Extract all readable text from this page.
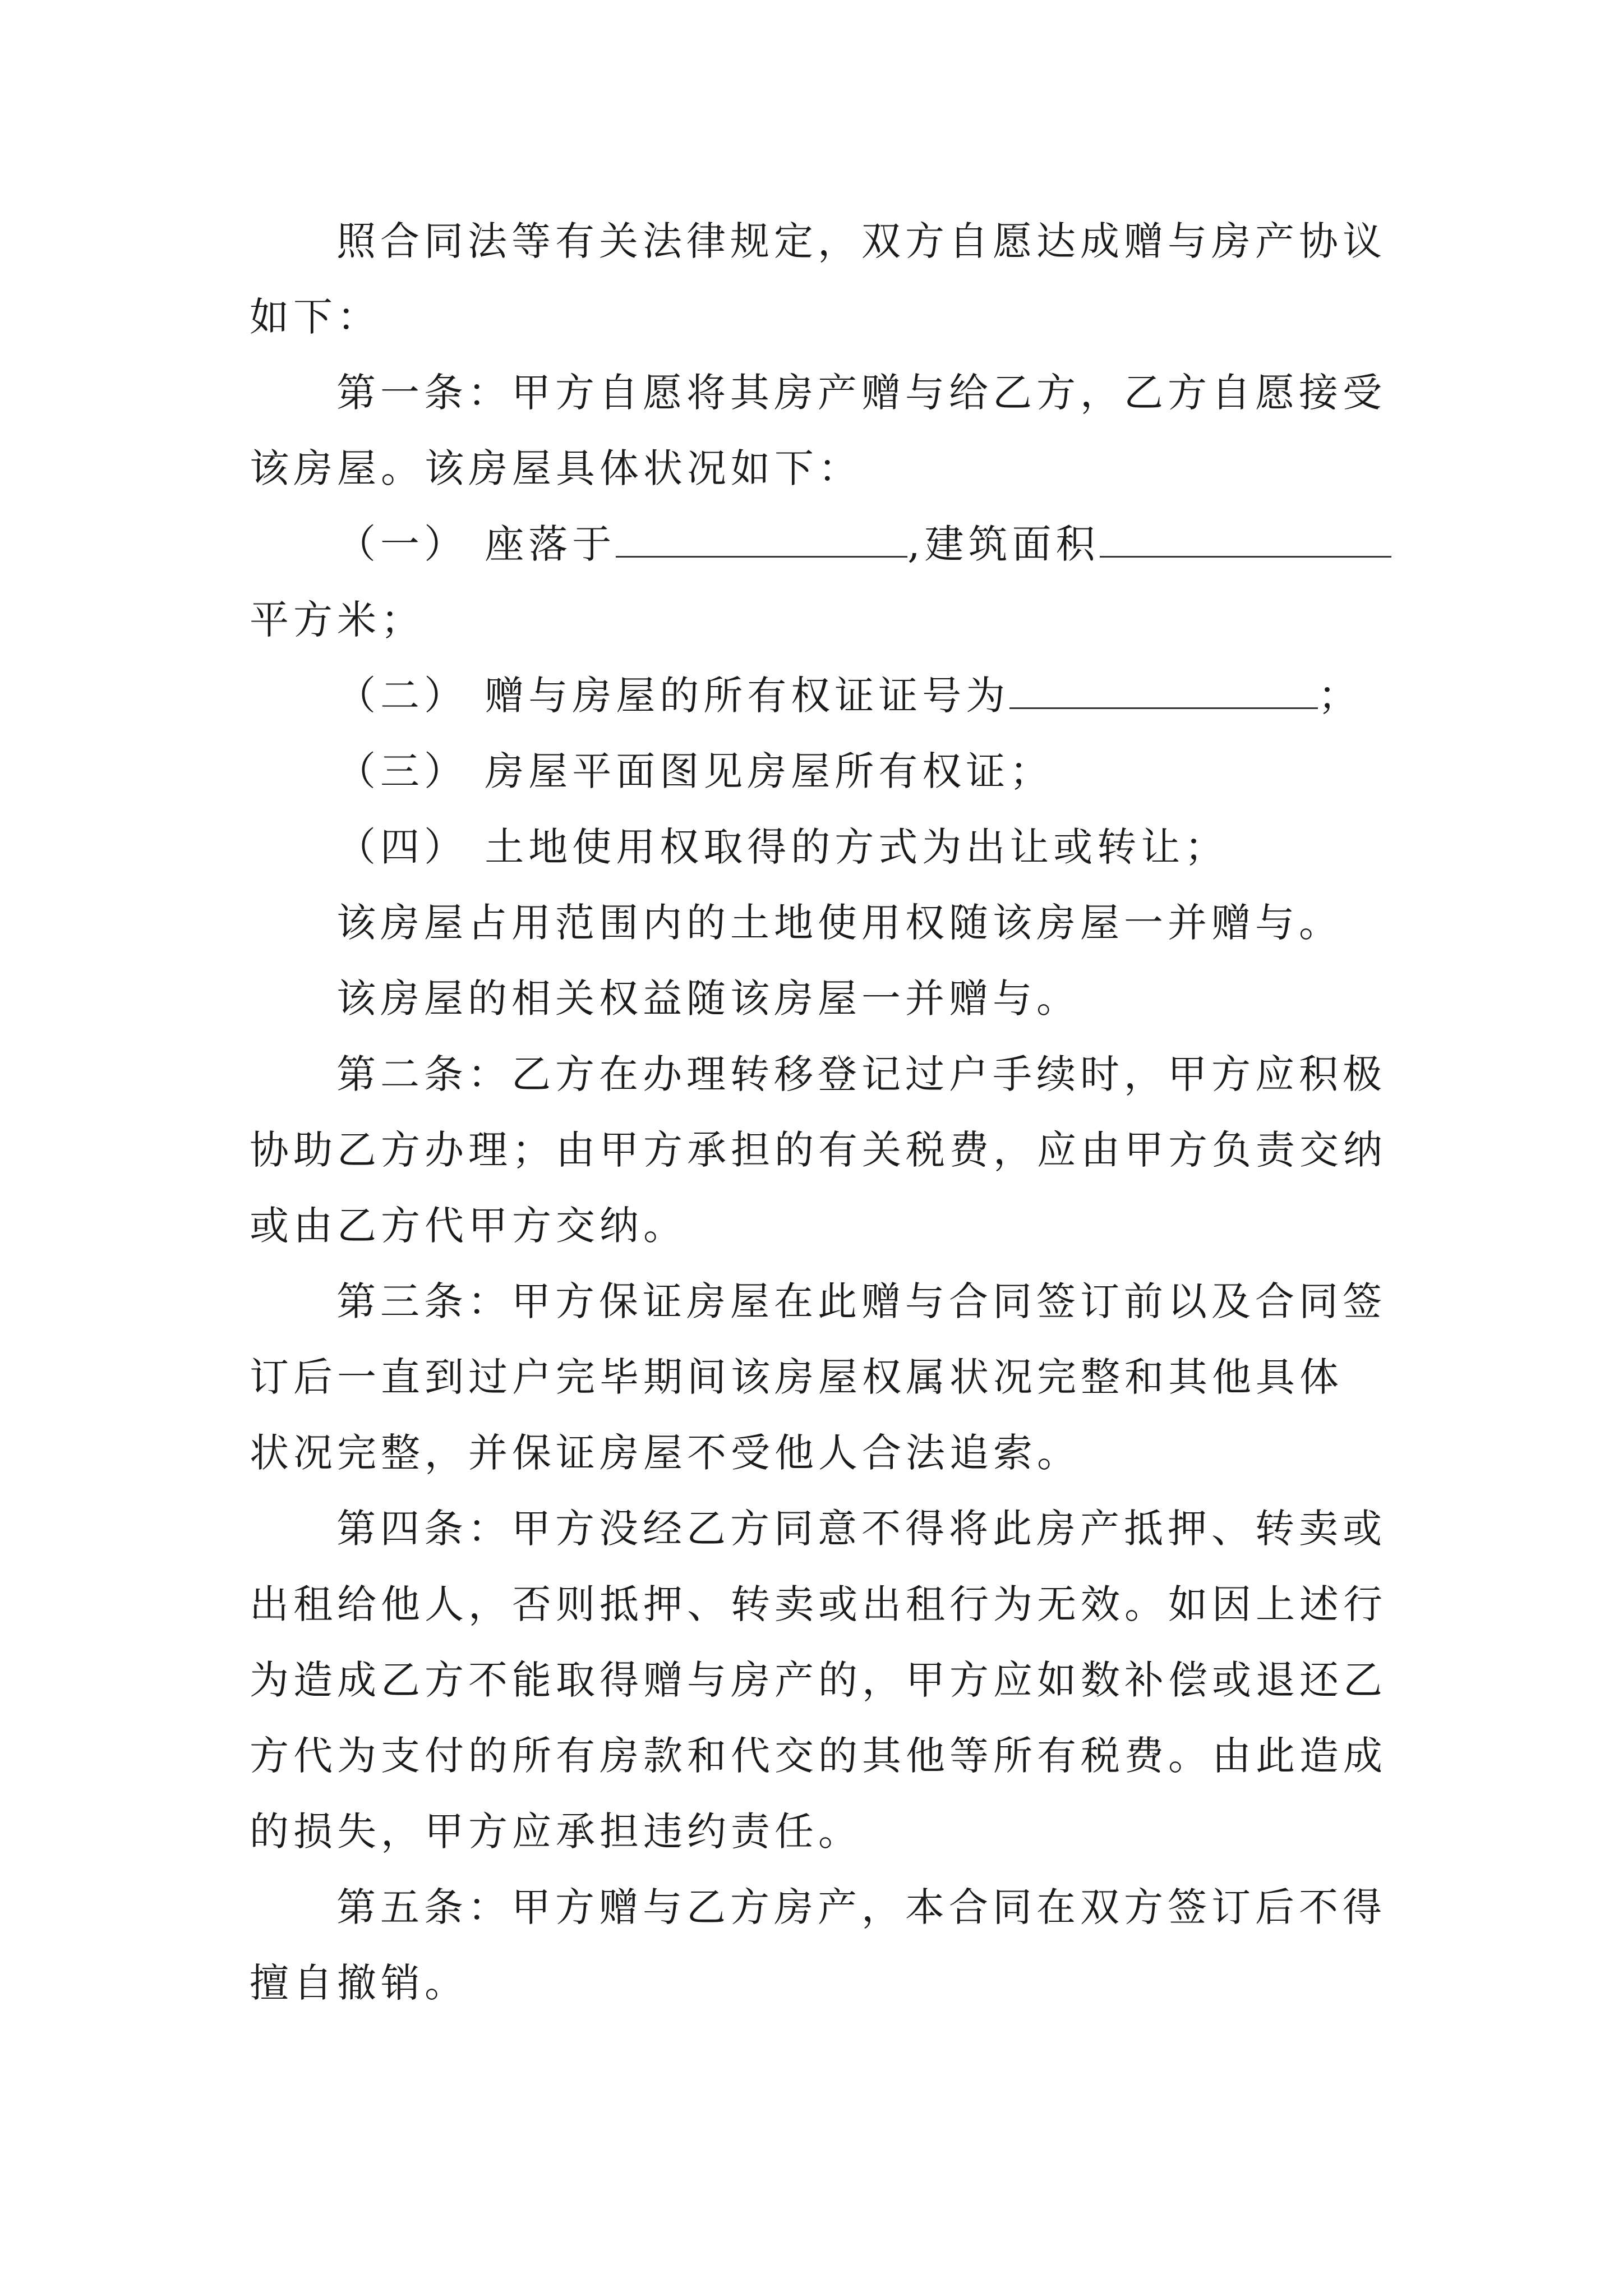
照合同法等有关法律规定，双方自愿达成赠与房产协议
如下：
第一条：甲方自愿将其房产赠与给乙方，乙方自愿接受
该房屋。该房屋具体状况如下：
（一） 座落于	,建筑面积
平方米；
（二） 赠与房屋的所有权证证号为	；
（三） 房屋平面图见房屋所有权证；
（四） 土地使用权取得的方式为出让或转让；
该房屋占用范围内的土地使用权随该房屋一并赠与。
该房屋的相关权益随该房屋一并赠与。
第二条：乙方在办理转移登记过户手续时，甲方应积极
协助乙方办理；由甲方承担的有关税费，应由甲方负责交纳
或由乙方代甲方交纳。
第三条：甲方保证房屋在此赠与合同签订前以及合同签
订后一直到过户完毕期间该房屋权属状况完整和其他具体
状况完整，并保证房屋不受他人合法追索。
第四条：甲方没经乙方同意不得将此房产抵押、转卖或
出租给他人，否则抵押、转卖或出租行为无效。如因上述行
为造成乙方不能取得赠与房产的，甲方应如数补偿或退还乙
方代为支付的所有房款和代交的其他等所有税费。由此造成
的损失，甲方应承担违约责任。
第五条：甲方赠与乙方房产，本合同在双方签订后不得
擅自撤销。
